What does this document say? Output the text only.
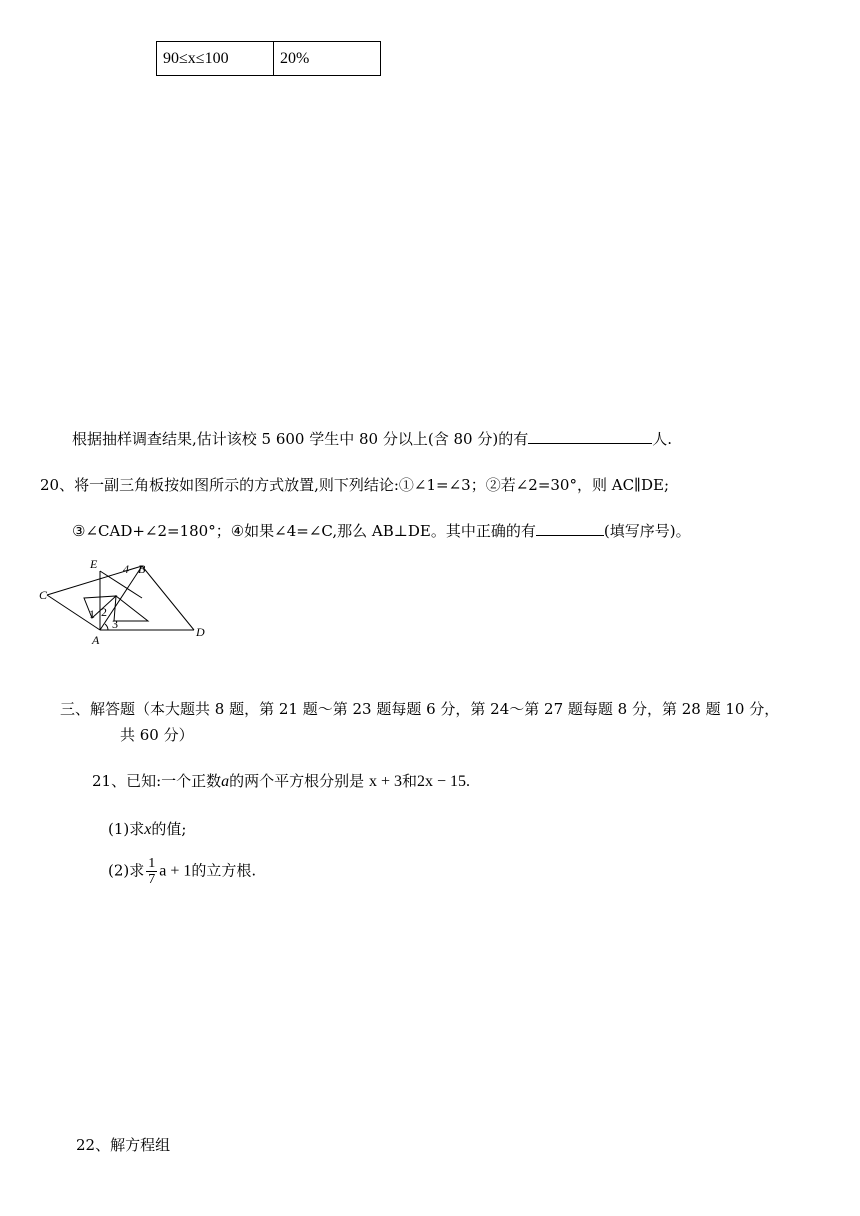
90≤x≤100	20%
根据抽样调查结果,估计该校 5 600 学生中 80 分以上(含 80 分)的有	人.
20、将一副三角板按如图所示的方式放置,则下列结论:①∠1=∠3；②若∠2=30°，则 AC∥DE;
③∠CAD+∠2=180°；④如果∠4=∠C,那么 AB⊥DE。其中正确的有	(填写序号)。
E 4 B
C
1 2
3
A
D
三、解答题（本大题共 8 题，第 21 题～第 23 题每题 6 分，第 24～第 27 题每题 8 分，第 28 题 10 分，
共 60 分）
21、已知:一个正数a的两个平方根分别是 x + 3和2x − 15.
(1)求x的值;
(2)求 $\frac{1}{7}$ a + 1的立方根.
22、解方程组
